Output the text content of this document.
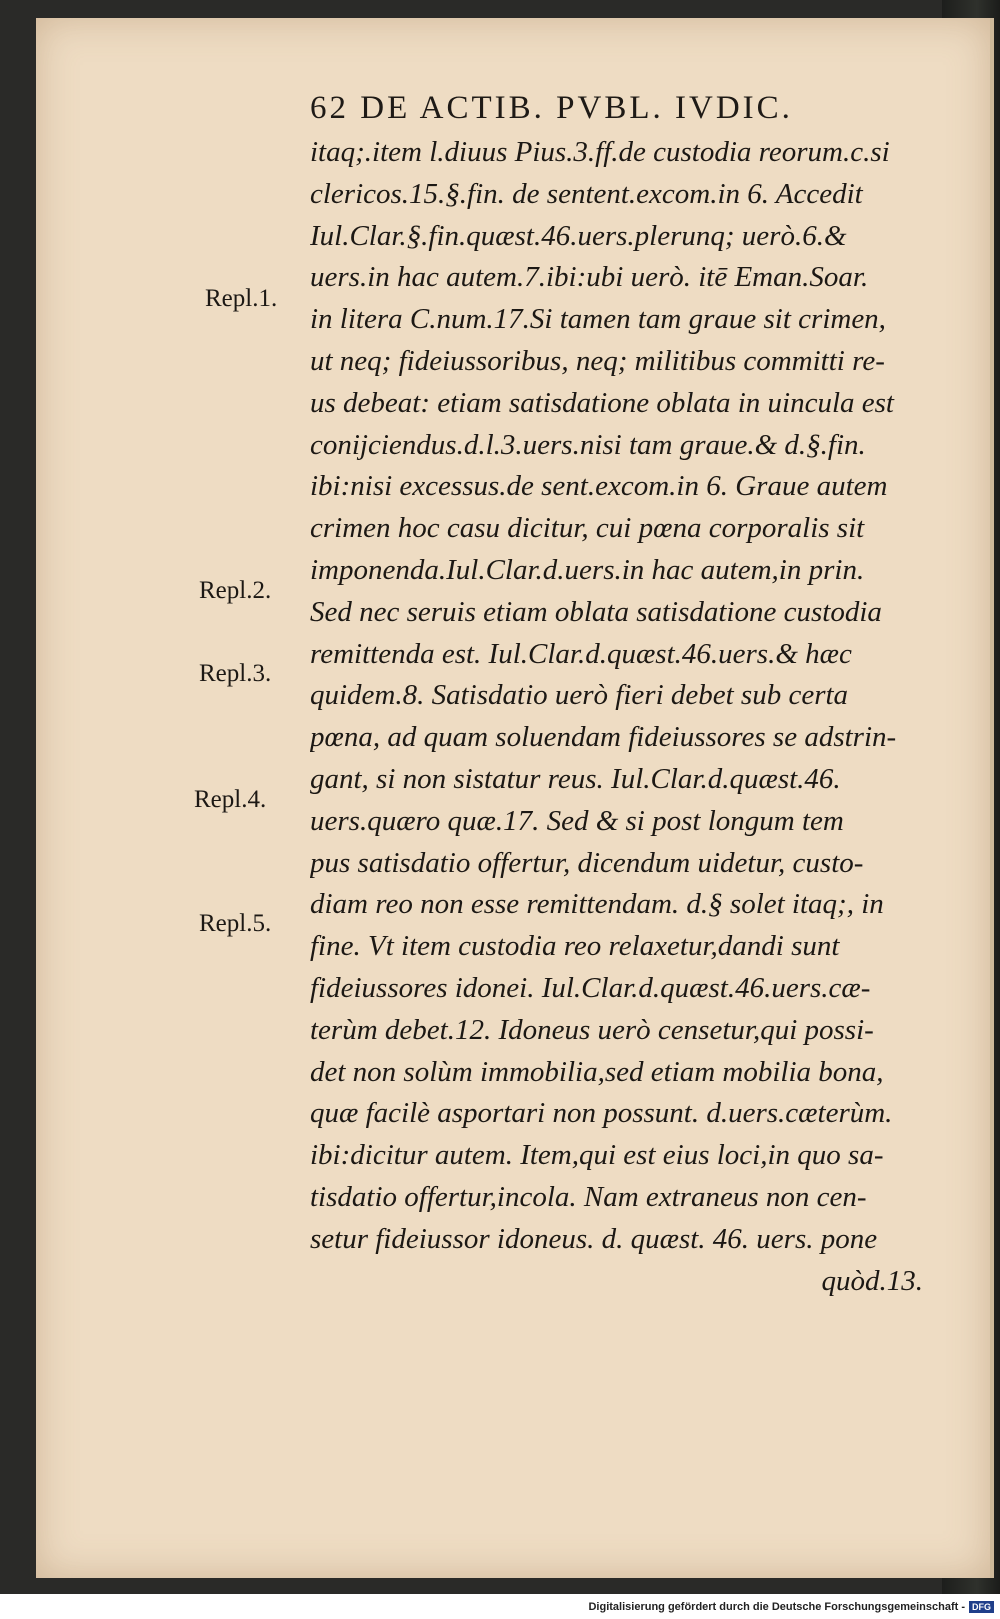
62 DE ACTIB. PVBL. IVDIC.
itaq;.item l.diuus Pius.3.ff.de custodia reorum.c.si
clericos.15.§.fin. de sentent.excom.in 6. Accedit
Iul.Clar.§.fin.quæst.46.uers.plerunq; uerò.6.&
uers.in hac autem.7.ibi:ubi uerò. itē Eman.Soar.
in litera C.num.17.Si tamen tam graue sit crimen,
ut neq; fideiussoribus, neq; militibus committi re-
us debeat: etiam satisdatione oblata in uincula est
conijciendus.d.l.3.uers.nisi tam graue.& d.§.fin.
ibi:nisi excessus.de sent.excom.in 6. Graue autem
crimen hoc casu dicitur, cui pœna corporalis sit
imponenda.Iul.Clar.d.uers.in hac autem,in prin.
Sed nec seruis etiam oblata satisdatione custodia
remittenda est. Iul.Clar.d.quæst.46.uers.& hæc
quidem.8. Satisdatio uerò fieri debet sub certa
pœna, ad quam soluendam fideiussores se adstrin-
gant, si non sistatur reus. Iul.Clar.d.quæst.46.
uers.quæro quæ.17. Sed & si post longum tem
pus satisdatio offertur, dicendum uidetur, custo-
diam reo non esse remittendam. d.§ solet itaq;, in
fine. Vt item custodia reo relaxetur,dandi sunt
fideiussores idonei. Iul.Clar.d.quæst.46.uers.cæ-
terùm debet.12. Idoneus uerò censetur,qui possi-
det non solùm immobilia,sed etiam mobilia bona,
quæ facilè asportari non possunt. d.uers.cæterùm.
ibi:dicitur autem. Item,qui est eius loci,in quo sa-
tisdatio offertur,incola. Nam extraneus non cen-
setur fideiussor idoneus. d. quæst. 46. uers. pone
quòd.13.
Repl.1.
Repl.2.
Repl.3.
Repl.4.
Repl.5.
Digitalisierung gefördert durch die Deutsche Forschungsgemeinschaft - DFG
